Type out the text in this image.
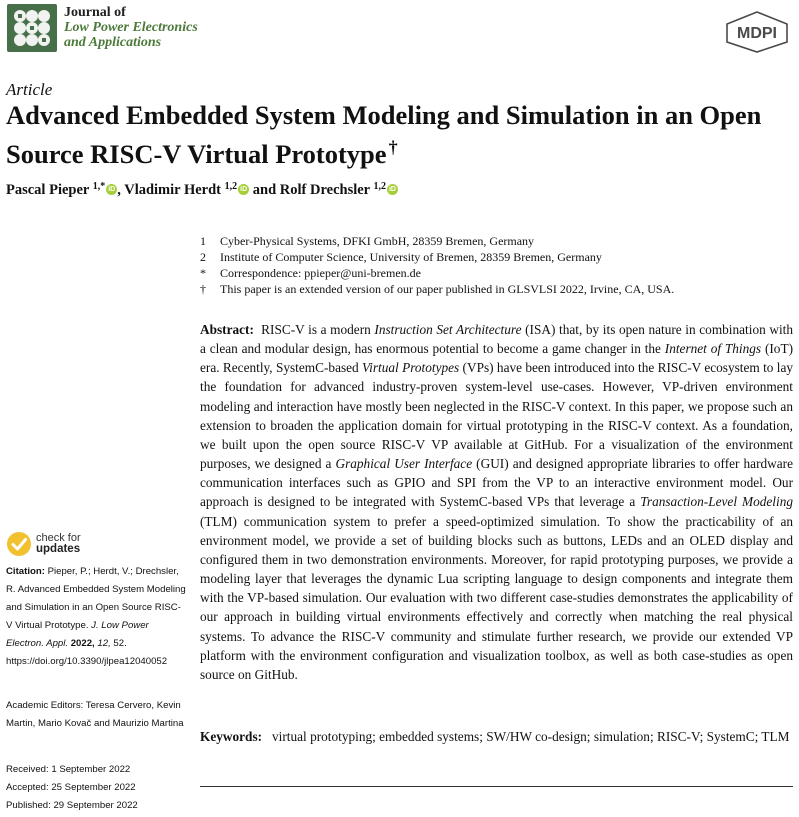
Journal of
Low Power Electronics
and Applications
MDPI
Article
Advanced Embedded System Modeling and Simulation in an Open Source RISC-V Virtual Prototype †
Pascal Pieper $^{1,*}$ iD , Vladimir Herdt $^{1,2}$ iD and Rolf Drechsler $^{1,2}$ iD
1	Cyber-Physical Systems, DFKI GmbH, 28359 Bremen, Germany
2	Institute of Computer Science, University of Bremen, 28359 Bremen, Germany
*	Correspondence: ppieper@uni-bremen.de
†	This paper is an extended version of our paper published in GLSVLSI 2022, Irvine, CA, USA.
Abstract: RISC-V is a modern Instruction Set Architecture (ISA) that, by its open nature in combination with a clean and modular design, has enormous potential to become a game changer in the Internet of Things (IoT) era. Recently, SystemC-based Virtual Prototypes (VPs) have been introduced into the RISC-V ecosystem to lay the foundation for advanced industry-proven system-level use-cases. However, VP-driven environment modeling and interaction have mostly been neglected in the RISC-V context. In this paper, we propose such an extension to broaden the application domain for virtual prototyping in the RISC-V context. As a foundation, we built upon the open source RISC-V VP available at GitHub. For a visualization of the environment purposes, we designed a Graphical User Interface (GUI) and designed appropriate libraries to offer hardware communication interfaces such as GPIO and SPI from the VP to an interactive environment model. Our approach is designed to be integrated with SystemC-based VPs that leverage a Transaction-Level Modeling (TLM) communication system to prefer a speed-optimized simulation. To show the practicability of an environment model, we provide a set of building blocks such as buttons, LEDs and an OLED display and configured them in two demonstration environments. Moreover, for rapid prototyping purposes, we provide a modeling layer that leverages the dynamic Lua scripting language to design components and integrate them with the VP-based simulation. Our evaluation with two different case-studies demonstrates the applicability of our approach in building virtual environments effectively and correctly when matching the real physical systems. To advance the RISC-V community and stimulate further research, we provide our extended VP platform with the environment configuration and visualization toolbox, as well as both case-studies as open source on GitHub.
Keywords: virtual prototyping; embedded systems; SW/HW co-design; simulation; RISC-V; SystemC; TLM
check for
updates
Citation: Pieper, P.; Herdt, V.; Drechsler, R. Advanced Embedded System Modeling and Simulation in an Open Source RISC-V Virtual Prototype. J. Low Power Electron. Appl. 2022, 12, 52. https://doi.org/10.3390/jlpea12040052
Academic Editors: Teresa Cervero, Kevin Martin, Mario Kovač and Maurizio Martina
Received: 1 September 2022
Accepted: 25 September 2022
Published: 29 September 2022
